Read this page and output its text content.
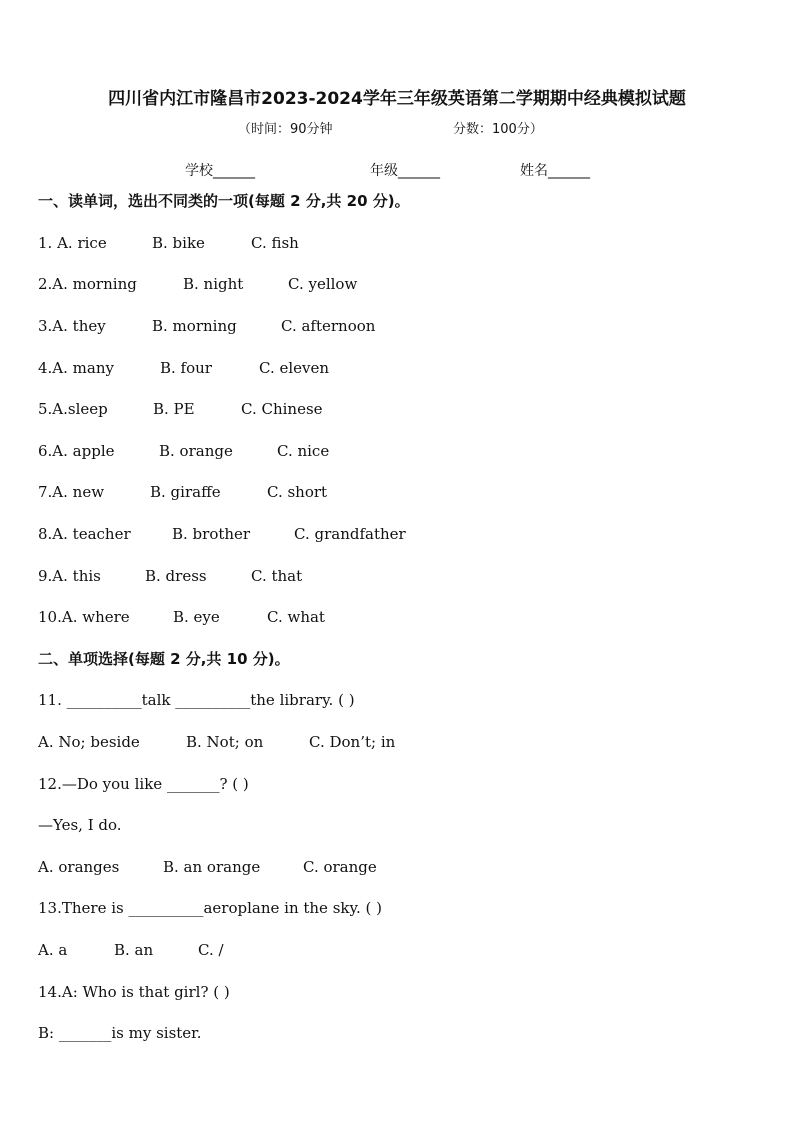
四川省内江市隆昌市2023-2024学年三年级英语第二学期期中经典模拟试题
（时间：90分钟	分数：100分）
学校______	年级______	姓名______
一、读单词，选出不同类的一项(每题 2 分,共 20 分)。
1. A. rice	B. bike	C. fish
2.A. morning	B. night	C. yellow
3.A. they	B. morning	C. afternoon
4.A. many	B. four	C. eleven
5.A.sleep	B. PE	C. Chinese
6.A. apple	B. orange	C. nice
7.A. new	B. giraffe	C. short
8.A. teacher	B. brother	C. grandfather
9.A. this	B. dress	C. that
10.A. where	B. eye	C. what
二、单项选择(每题 2 分,共 10 分)。
11. __________talk __________the library. ( )
A. No; beside	B. Not; on	C. Don’t; in
12.—Do you like _______? ( )
—Yes, I do.
A. oranges	B. an orange	C. orange
13.There is __________aeroplane in the sky. ( )
A. a	B. an	C. /
14.A: Who is that girl? ( )
B: _______is my sister.
